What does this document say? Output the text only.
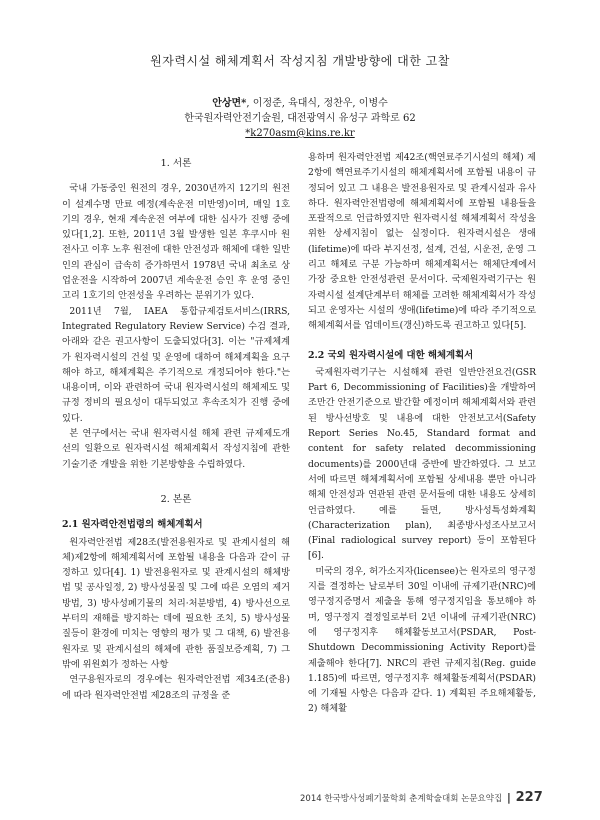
원자력시설 해체계획서 작성지침 개발방향에 대한 고찰
안상면*, 이정준, 육대식, 정찬우, 이병수
한국원자력안전기술원, 대전광역시 유성구 과학로 62
*k270asm@kins.re.kr
1. 서론

국내 가동중인 원전의 경우, 2030년까지 12기의 원전이 설계수명 만료 예정(계속운전 미반영)이며, 매일 1호기의 경우, 현재 계속운전 여부에 대한 심사가 진행 중에 있다[1,2]. 또한, 2011년 3월 발생한 일본 후쿠시마 원전사고 이후 노후 원전에 대한 안전성과 해체에 대한 일반인의 관심이 급속히 증가하면서 1978년 국내 최초로 상업운전을 시작하여 2007년 계속운전 승인 후 운영 중인 고리 1호기의 안전성을 우려하는 분위기가 있다.

2011년 7월, IAEA 통합규제검토서비스(IRRS, Integrated Regulatory Review Service) 수검 결과, 아래와 같은 권고사항이 도출되었다[3]. 이는 "규제체계가 원자력시설의 건설 및 운영에 대하여 해체계획을 요구해야 하고, 해체계획은 주기적으로 개정되어야 한다."는 내용이며, 이와 관련하여 국내 원자력시설의 해체제도 및 규정 정비의 필요성이 대두되었고 후속조치가 진행 중에 있다.

본 연구에서는 국내 원자력시설 해체 관련 규제제도개선의 일환으로 원자력시설 해체계획서 작성지침에 관한 기술기준 개발을 위한 기본방향을 수립하였다.

2. 본론
2.1 원자력안전법령의 해체계획서

원자력안전법 제28조(발전용원자로 및 관계시설의 해체)제2항에 해체계획서에 포함될 내용을 다음과 같이 규정하고 있다[4]. 1) 발전용원자로 및 관계시설의 해체방법 및 공사일정, 2) 방사성물질 및 그에 따른 오염의 제거방법, 3) 방사성폐기물의 처리·처분방법, 4) 방사선으로부터의 재해를 방지하는 데에 필요한 조치, 5) 방사성물질등이 환경에 미치는 영향의 평가 및 그 대책, 6) 발전용원자로 및 관계시설의 해체에 관한 품질보증계획, 7) 그 밖에 위원회가 정하는 사항

연구용원자로의 경우에는 원자력안전법 제34조(준용)에 따라 원자력안전법 제28조의 규정을 준

용하며 원자력안전법 제42조(핵연료주기시설의 해체) 제2항에 핵연료주기시설의 해체계획서에 포함될 내용이 규정되어 있고 그 내용은 발전용원자로 및 관계시설과 유사하다. 원자력안전법령에 해체계획서에 포함될 내용들을 포괄적으로 언급하였지만 원자력시설 해체계획서 작성을 위한 상세지침이 없는 실정이다. 원자력시설은 생애(lifetime)에 따라 부지선정, 설계, 건설, 시운전, 운영 그리고 해체로 구분 가능하며 해체계획서는 해체단계에서 가장 중요한 안전성관련 문서이다. 국제원자력기구는 원자력시설 설계단계부터 해체를 고려한 해체계획서가 작성되고 운영자는 시설의 생애(lifetime)에 따라 주기적으로 해체계획서를 업데이트(갱신)하도록 권고하고 있다[5].

2.2 국외 원자력시설에 대한 해체계획서

국제원자력기구는 시설해체 관련 일반안전요건(GSR Part 6, Decommissioning of Facilities)을 개발하여 조만간 안전기준으로 발간할 예정이며 해체계획서와 관련된 방사선방호 및 내용에 대한 안전보고서(Safety Report Series No.45, Standard format and content for safety related decommissioning documents)를 2000년대 중반에 발간하였다. 그 보고서에 따르면 해체계획서에 포함될 상세내용 뿐만 아니라 해체 안전성과 연관된 관련 문서들에 대한 내용도 상세히 언급하였다. 예를 들면, 방사성특성화계획(Characterization plan), 최종방사성조사보고서(Final radiological survey report) 등이 포함된다[6].

미국의 경우, 허가소지자(licensee)는 원자로의 영구정지를 결정하는 날로부터 30일 이내에 규제기관(NRC)에 영구정지증명서 제출을 통해 영구정지임을 통보해야 하며, 영구정지 결정일로부터 2년 이내에 규제기관(NRC)에 영구정지후 해체활동보고서(PSDAR, Post-Shutdown Decommissioning Activity Report)를 제출해야 한다[7]. NRC의 관련 규제지침(Reg. guide 1.185)에 따르면, 영구정지후 해체활동계획서(PSDAR)에 기재될 사항은 다음과 같다. 1) 계획된 주요해체활동, 2) 해체활

2014 한국방사성폐기물학회 춘계학술대회 논문요약집 | 227
